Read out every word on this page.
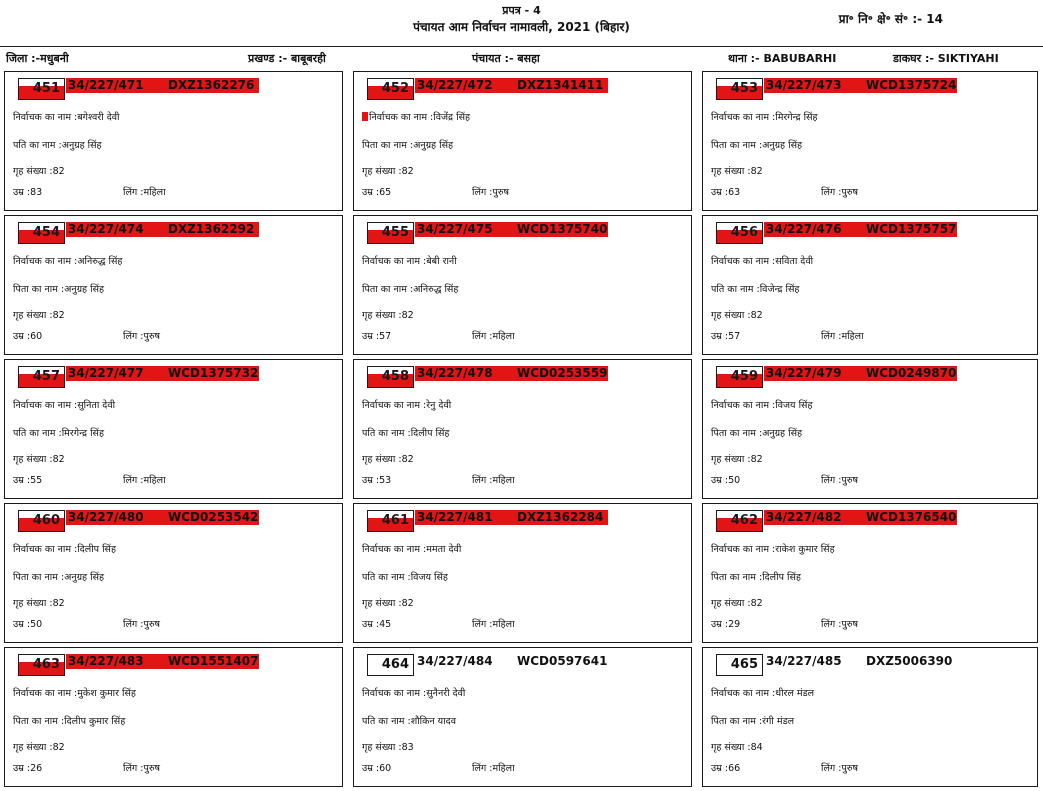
प्रपत्र - 4
पंचायत आम निर्वाचन नामावली, 2021 (बिहार)
प्रा॰ नि॰ क्षे॰ सं॰ :- 14
जिला :-मधुबनी	प्रखण्ड :- बाबूबरही	पंचायत :- बसहा	थाना :- BABUBARHI	डाकघर :- SIKTIYAHI
451 34/227/471 DXZ1362276
निर्वाचक का नाम :बगेश्वरी देवी
पति का नाम :अनुग्रह सिंह
गृह संख्या :82
उम्र :83	लिंग :महिला
452 34/227/472 DXZ1341411
निर्वाचक का नाम :विजेंद्र सिंह
पिता का नाम :अनुग्रह सिंह
गृह संख्या :82
उम्र :65	लिंग :पुरुष
453 34/227/473 WCD1375724
निर्वाचक का नाम :मिरगेन्द्र सिंह
पिता का नाम :अनुग्रह सिंह
गृह संख्या :82
उम्र :63	लिंग :पुरुष
454 34/227/474 DXZ1362292
निर्वाचक का नाम :अनिरुद्ध सिंह
पिता का नाम :अनुग्रह सिंह
गृह संख्या :82
उम्र :60	लिंग :पुरुष
455 34/227/475 WCD1375740
निर्वाचक का नाम :बेबी रानी
पिता का नाम :अनिरुद्ध सिंह
गृह संख्या :82
उम्र :57	लिंग :महिला
456 34/227/476 WCD1375757
निर्वाचक का नाम :सविता देवी
पति का नाम :विजेन्द्र सिंह
गृह संख्या :82
उम्र :57	लिंग :महिला
457 34/227/477 WCD1375732
निर्वाचक का नाम :सुनिता देवी
पति का नाम :मिरगेन्द्र सिंह
गृह संख्या :82
उम्र :55	लिंग :महिला
458 34/227/478 WCD0253559
निर्वाचक का नाम :रेनु देवी
पति का नाम :दिलीप सिंह
गृह संख्या :82
उम्र :53	लिंग :महिला
459 34/227/479 WCD0249870
निर्वाचक का नाम :विजय सिंह
पिता का नाम :अनुग्रह सिंह
गृह संख्या :82
उम्र :50	लिंग :पुरुष
460 34/227/480 WCD0253542
निर्वाचक का नाम :दिलीप सिंह
पिता का नाम :अनुग्रह सिंह
गृह संख्या :82
उम्र :50	लिंग :पुरुष
461 34/227/481 DXZ1362284
निर्वाचक का नाम :ममता देवी
पति का नाम :विजय सिंह
गृह संख्या :82
उम्र :45	लिंग :महिला
462 34/227/482 WCD1376540
निर्वाचक का नाम :राकेश कुमार सिंह
पिता का नाम :दिलीप सिंह
गृह संख्या :82
उम्र :29	लिंग :पुरुष
463 34/227/483 WCD1551407
निर्वाचक का नाम :मुकेश कुमार सिंह
पिता का नाम :दिलीप कुमार सिंह
गृह संख्या :82
उम्र :26	लिंग :पुरुष
464 34/227/484 WCD0597641
निर्वाचक का नाम :सुनैनरी देवी
पति का नाम :शौकिन यादव
गृह संख्या :83
उम्र :60	लिंग :महिला
465 34/227/485 DXZ5006390
निर्वाचक का नाम :धीरल मंडल
पिता का नाम :रंगी मंडल
गृह संख्या :84
उम्र :66	लिंग :पुरुष
